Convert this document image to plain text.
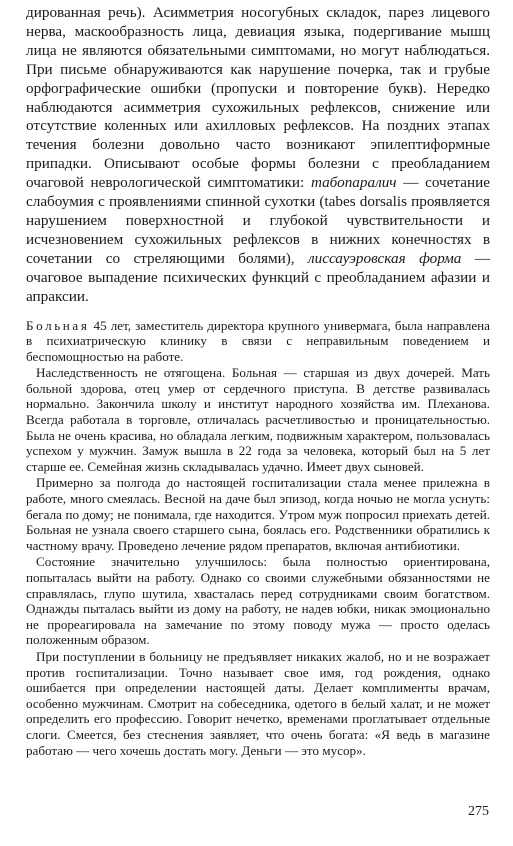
дированная речь). Асимметрия носогубных складок, парез лицевого нерва, маскообразность лица, девиация языка, подергивание мышц лица не являются обязательными симптомами, но могут наблюдаться. При письме обнаруживаются как нарушение почерка, так и грубые орфографические ошибки (пропуски и повторение букв). Нередко наблюдаются асимметрия сухожильных рефлексов, снижение или отсутствие коленных или ахилловых рефлексов. На поздних этапах течения болезни довольно часто возникают эпилептиформные припадки. Описывают особые формы болезни с преобладанием очаговой неврологической симптоматики: табопаралич — сочетание слабоумия с проявлениями спинной сухотки (tabes dorsalis проявляется нарушением поверхностной и глубокой чувствительности и исчезновением сухожильных рефлексов в нижних конечностях в сочетании со стреляющими болями), лиссауэровская форма — очаговое выпадение психических функций с преобладанием афазии и апраксии.

Больная 45 лет, заместитель директора крупного универмага, была направлена в психиатрическую клинику в связи с неправильным поведением и беспомощностью на работе.

Наследственность не отягощена. Больная — старшая из двух дочерей. Мать больной здорова, отец умер от сердечного приступа. В детстве развивалась нормально. Закончила школу и институт народного хозяйства им. Плеханова. Всегда работала в торговле, отличалась расчетливостью и проницательностью. Была не очень красива, но обладала легким, подвижным характером, пользовалась успехом у мужчин. Замуж вышла в 22 года за человека, который был на 5 лет старше ее. Семейная жизнь складывалась удачно. Имеет двух сыновей.

Примерно за полгода до настоящей госпитализации стала менее прилежна в работе, много смеялась. Весной на даче был эпизод, когда ночью не могла уснуть: бегала по дому; не понимала, где находится. Утром муж попросил приехать детей. Больная не узнала своего старшего сына, боялась его. Родственники обратились к частному врачу. Проведено лечение рядом препаратов, включая антибиотики.

Состояние значительно улучшилось: была полностью ориентирована, попыталась выйти на работу. Однако со своими служебными обязанностями не справлялась, глупо шутила, хвасталась перед сотрудниками своим богатством. Однажды пыталась выйти из дому на работу, не надев юбки, никак эмоционально не прореагировала на замечание по этому поводу мужа — просто оделась положенным образом.

При поступлении в больницу не предъявляет никаких жалоб, но и не возражает против госпитализации. Точно называет свое имя, год рождения, однако ошибается при определении настоящей даты. Делает комплименты врачам, особенно мужчинам. Смотрит на собеседника, одетого в белый халат, и не может определить его профессию. Говорит нечетко, временами проглатывает отдельные слоги. Смеется, без стеснения заявляет, что очень богата: «Я ведь в магазине работаю — чего хочешь достать могу. Деньги — это мусор».

275
